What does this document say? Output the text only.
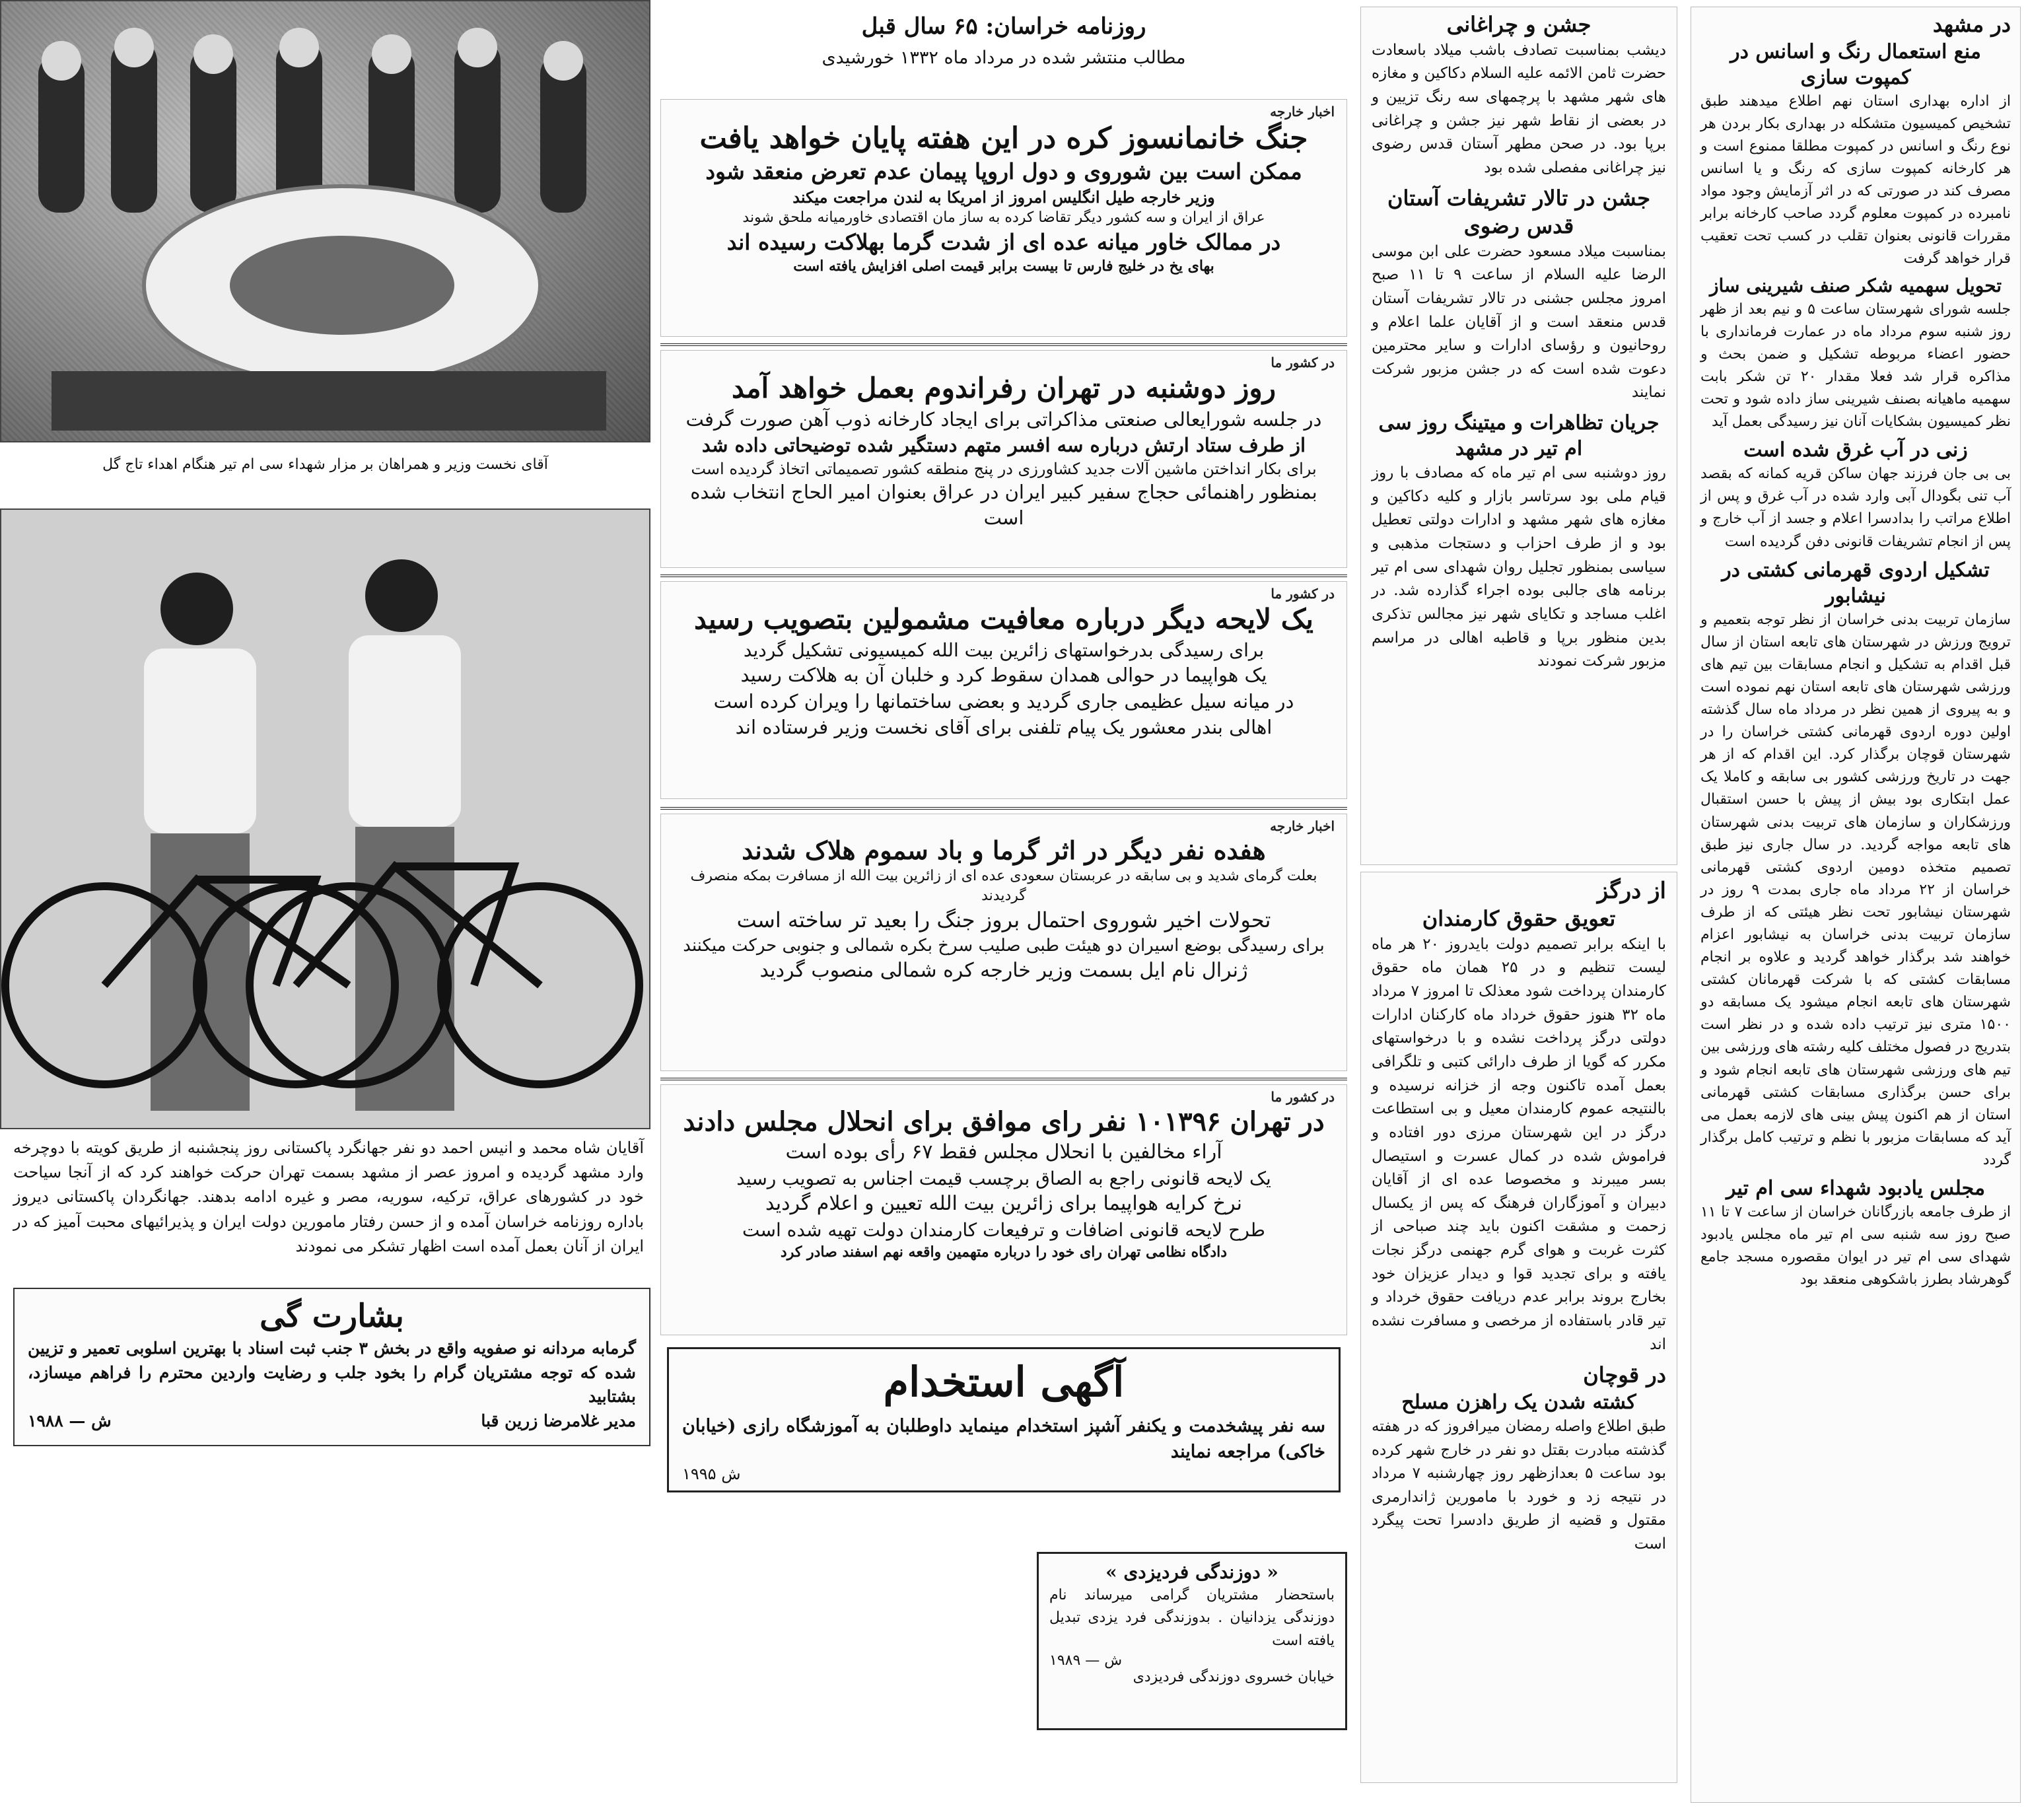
آقای نخست وزیر و همراهان بر مزار شهداء سی ام تیر هنگام اهداء تاج گل
آقایان شاه محمد و انیس احمد دو نفر جهانگرد پاکستانی روز پنجشنبه از طریق کویته با دوچرخه وارد مشهد گردیده و امروز عصر از مشهد بسمت تهران حرکت خواهند کرد که از آنجا سیاحت خود در کشورهای عراق، ترکیه، سوریه، مصر و غیره ادامه بدهند. جهانگردان پاکستانی دیروز باداره روزنامه خراسان آمده و از حسن رفتار مامورین دولت ایران و پذیرائیهای محبت آمیز که در ایران از آنان بعمل آمده است اظهار تشکر می نمودند
بشارت گی
گرمابه مردانه نو صفویه واقع در بخش ۳ جنب ثبت اسناد با بهترین اسلوبی تعمیر و تزیین شده که توجه مشتریان گرام را بخود جلب و رضایت واردین محترم را فراهم میسازد، بشتابید
مدیر غلامرضا زرین قبا
ش — ۱۹۸۸
روزنامه خراسان: ۶۵ سال قبل
مطالب منتشر شده در مرداد ماه ۱۳۳۲ خورشیدی
اخبار خارجه
جنگ خانمانسوز کره در این هفته پایان خواهد یافت
ممکن است بین شوروی و دول اروپا پیمان عدم تعرض منعقد شود
وزیر خارجه طیل انگلیس امروز از امریکا به لندن مراجعت میکند
عراق از ایران و سه کشور دیگر تقاضا کرده به ساز مان اقتصادی خاورمیانه ملحق شوند
در ممالک خاور میانه عده ای از شدت گرما بهلاکت رسیده اند
بهای یخ در خلیج فارس تا بیست برابر قیمت اصلی افزایش یافته است
در کشور ما
روز دوشنبه در تهران رفراندوم بعمل خواهد آمد
در جلسه شورایعالی صنعتی مذاکراتی برای ایجاد کارخانه ذوب آهن صورت گرفت
از طرف ستاد ارتش درباره سه افسر متهم دستگیر شده توضیحاتی داده شد
برای بکار انداختن ماشین آلات جدید کشاورزی در پنج منطقه کشور تصمیماتی اتخاذ گردیده است
بمنظور راهنمائی حجاج سفیر کبیر ایران در عراق بعنوان امیر الحاج انتخاب شده است
در کشور ما
یک لایحه دیگر درباره معافیت مشمولین بتصویب رسید
برای رسیدگی بدرخواستهای زائرین بیت الله کمیسیونی تشکیل گردید
یک هواپیما در حوالی همدان سقوط کرد و خلبان آن به هلاکت رسید
در میانه سیل عظیمی جاری گردید و بعضی ساختمانها را ویران کرده است
اهالی بندر معشور یک پیام تلفنی برای آقای نخست وزیر فرستاده اند
اخبار خارجه
هفده نفر دیگر در اثر گرما و باد سموم هلاک شدند
بعلت گرمای شدید و بی سابقه در عربستان سعودی عده ای از زائرین بیت الله از مسافرت بمکه منصرف گردیدند
تحولات اخیر شوروی احتمال بروز جنگ را بعید تر ساخته است
برای رسیدگی بوضع اسیران دو هیئت طبی صلیب سرخ بکره شمالی و جنوبی حرکت میکنند
ژنرال نام ایل بسمت وزیر خارجه کره شمالی منصوب گردید
در کشور ما
در تهران ۱۰۱۳۹۶ نفر رای موافق برای انحلال مجلس دادند
آراء مخالفین با انحلال مجلس فقط ۶۷ رأی بوده است
یک لایحه قانونی راجع به الصاق برچسب قیمت اجناس به تصویب رسید
نرخ کرایه هواپیما برای زائرین بیت الله تعیین و اعلام گردید
طرح لایحه قانونی اضافات و ترفیعات کارمندان دولت تهیه شده است
دادگاه نظامی تهران رای خود را درباره متهمین واقعه نهم اسفند صادر کرد
آگهی استخدام
سه نفر پیشخدمت و یکنفر آشپز استخدام مینماید داوطلبان به آموزشگاه رازی (خیابان خاکی) مراجعه نمایند
ش ۱۹۹۵
« دوزندگی فردیزدی »
باستحضار مشتریان گرامی میرساند نام دوزندگی یزدانیان . بدوزندگی فرد یزدی تبدیل یافته است
ش — ۱۹۸۹
خیابان خسروی دوزندگی فردیزدی
جشن و چراغانی
دیشب بمناسبت تصادف باشب میلاد باسعادت حضرت ثامن الائمه علیه السلام دکاکین و مغازه های شهر مشهد با پرچمهای سه رنگ تزیین و در بعضی از نقاط شهر نیز جشن و چراغانی برپا بود. در صحن مطهر آستان قدس رضوی نیز چراغانی مفصلی شده بود
جشن در تالار تشریفات آستان قدس رضوی
بمناسبت میلاد مسعود حضرت علی ابن موسی الرضا علیه السلام از ساعت ۹ تا ۱۱ صبح امروز مجلس جشنی در تالار تشریفات آستان قدس منعقد است و از آقایان علما اعلام و روحانیون و رؤسای ادارات و سایر محترمین دعوت شده است که در جشن مزبور شرکت نمایند
جریان تظاهرات و میتینگ روز سی ام تیر در مشهد
روز دوشنبه سی ام تیر ماه که مصادف با روز قیام ملی بود سرتاسر بازار و کلیه دکاکین و مغازه های شهر مشهد و ادارات دولتی تعطیل بود و از طرف احزاب و دستجات مذهبی و سیاسی بمنظور تجلیل روان شهدای سی ام تیر برنامه های جالبی بوده اجراء گذارده شد. در اغلب مساجد و تکایای شهر نیز مجالس تذکری بدین منظور برپا و قاطبه اهالی در مراسم مزبور شرکت نمودند
از درگز
تعویق حقوق کارمندان
با اینکه برابر تصمیم دولت بایدروز ۲۰ هر ماه لیست تنظیم و در ۲۵ همان ماه حقوق کارمندان پرداخت شود معذلک تا امروز ۷ مرداد ماه ۳۲ هنوز حقوق خرداد ماه کارکنان ادارات دولتی درگز پرداخت نشده و با درخواستهای مکرر که گویا از طرف دارائی کتبی و تلگرافی بعمل آمده تاکنون وجه از خزانه نرسیده و بالنتیجه عموم کارمندان معیل و بی استطاعت درگز در این شهرستان مرزی دور افتاده و فراموش شده در کمال عسرت و استیصال بسر میبرند و مخصوصا عده ای از آقایان دبیران و آموزگاران فرهنگ که پس از یکسال زحمت و مشقت اکنون باید چند صباحی از کثرت غربت و هوای گرم جهنمی درگز نجات یافته و برای تجدید قوا و دیدار عزیزان خود بخارج بروند برابر عدم دریافت حقوق خرداد و تیر قادر باستفاده از مرخصی و مسافرت نشده اند
در قوچان
کشته شدن یک راهزن مسلح
طبق اطلاع واصله رمضان میرافروز که در هفته گذشته مبادرت بقتل دو نفر در خارج شهر کرده بود ساعت ۵ بعدازظهر روز چهارشنبه ۷ مرداد در نتیجه زد و خورد با مامورین ژاندارمری مقتول و قضیه از طریق دادسرا تحت پیگرد است
در مشهد
منع استعمال رنگ و اسانس در کمپوت سازی
از اداره بهداری استان نهم اطلاع میدهند طبق تشخیص کمیسیون متشکله در بهداری بکار بردن هر نوع رنگ و اسانس در کمپوت مطلقا ممنوع است و هر کارخانه کمپوت سازی که رنگ و یا اسانس مصرف کند در صورتی که در اثر آزمایش وجود مواد نامبرده در کمپوت معلوم گردد صاحب کارخانه برابر مقررات قانونی بعنوان تقلب در کسب تحت تعقیب قرار خواهد گرفت
تحویل سهمیه شکر صنف شیرینی ساز
جلسه شورای شهرستان ساعت ۵ و نیم بعد از ظهر روز شنبه سوم مرداد ماه در عمارت فرمانداری با حضور اعضاء مربوطه تشکیل و ضمن بحث و مذاکره قرار شد فعلا مقدار ۲۰ تن شکر بابت سهمیه ماهیانه بصنف شیرینی ساز داده شود و تحت نظر کمیسیون بشکایات آنان نیز رسیدگی بعمل آید
زنی در آب غرق شده است
بی بی جان فرزند جهان ساکن قریه کمانه که بقصد آب تنی بگودال آبی وارد شده در آب غرق و پس از اطلاع مراتب را بدادسرا اعلام و جسد از آب خارج و پس از انجام تشریفات قانونی دفن گردیده است
تشکیل اردوی قهرمانی کشتی در نیشابور
سازمان تربیت بدنی خراسان از نظر توجه بتعمیم و ترویج ورزش در شهرستان های تابعه استان از سال قبل اقدام به تشکیل و انجام مسابقات بین تیم های ورزشی شهرستان های تابعه استان نهم نموده است و به پیروی از همین نظر در مرداد ماه سال گذشته اولین دوره اردوی قهرمانی کشتی خراسان را در شهرستان قوچان برگذار کرد. این اقدام که از هر جهت در تاریخ ورزشی کشور بی سابقه و کاملا یک عمل ابتکاری بود بیش از پیش با حسن استقبال ورزشکاران و سازمان های تربیت بدنی شهرستان های تابعه مواجه گردید. در سال جاری نیز طبق تصمیم متخذه دومین اردوی کشتی قهرمانی خراسان از ۲۲ مرداد ماه جاری بمدت ۹ روز در شهرستان نیشابور تحت نظر هیئتی که از طرف سازمان تربیت بدنی خراسان به نیشابور اعزام خواهند شد برگذار خواهد گردید و علاوه بر انجام مسابقات کشتی که با شرکت قهرمانان کشتی شهرستان های تابعه انجام میشود یک مسابقه دو ۱۵۰۰ متری نیز ترتیب داده شده و در نظر است بتدریج در فصول مختلف کلیه رشته های ورزشی بین تیم های ورزشی شهرستان های تابعه انجام شود و برای حسن برگذاری مسابقات کشتی قهرمانی استان از هم اکنون پیش بینی های لازمه بعمل می آید که مسابقات مزبور با نظم و ترتیب کامل برگذار گردد
مجلس یادبود شهداء سی ام تیر
از طرف جامعه بازرگانان خراسان از ساعت ۷ تا ۱۱ صبح روز سه شنبه سی ام تیر ماه مجلس یادبود شهدای سی ام تیر در ایوان مقصوره مسجد جامع گوهرشاد بطرز باشکوهی منعقد بود
